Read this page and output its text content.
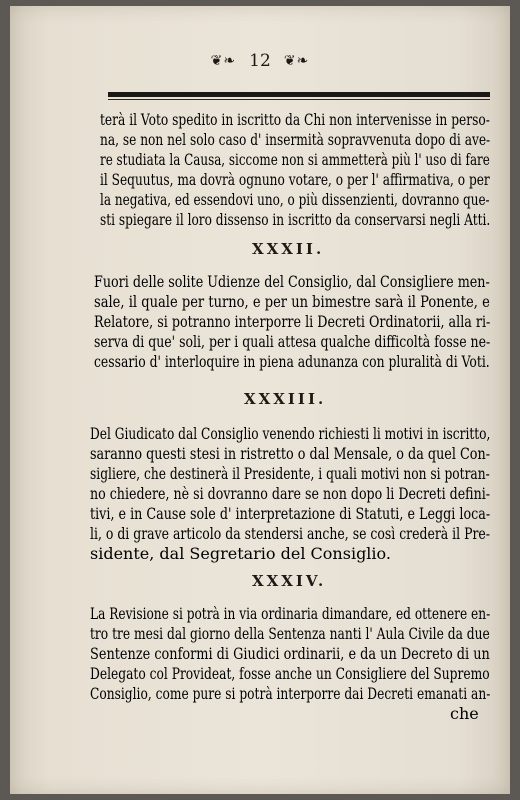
❦❧ 12 ❦❧
terà il Voto spedito in iscritto da Chi non intervenisse in perso-
na, se non nel solo caso d' insermità sopravvenuta dopo di ave-
re studiata la Causa, siccome non si ammetterà più l' uso di fare
il Sequutus, ma dovrà ognuno votare, o per l' affirmativa, o per
la negativa, ed essendovi uno, o più dissenzienti, dovranno que-
sti spiegare il loro dissenso in iscritto da conservarsi negli Atti.
XXXII.
Fuori delle solite Udienze del Consiglio, dal Consigliere men-
sale, il quale per turno, e per un bimestre sarà il Ponente, e
Relatore, si potranno interporre li Decreti Ordinatorii, alla ri-
serva di que' soli, per i quali attesa qualche difficoltà fosse ne-
cessario d' interloquire in piena adunanza con pluralità di Voti.
XXXIII.
Del Giudicato dal Consiglio venendo richiesti li motivi in iscritto,
saranno questi stesi in ristretto o dal Mensale, o da quel Con-
sigliere, che destinerà il Presidente, i quali motivi non si potran-
no chiedere, nè si dovranno dare se non dopo li Decreti defini-
tivi, e in Cause sole d' interpretazione di Statuti, e Leggi loca-
li, o di grave articolo da stendersi anche, se così crederà il Pre-
sidente, dal Segretario del Consiglio.
XXXIV.
La Revisione si potrà in via ordinaria dimandare, ed ottenere en-
tro tre mesi dal giorno della Sentenza nanti l' Aula Civile da due
Sentenze conformi di Giudici ordinarii, e da un Decreto di un
Delegato col Provideat, fosse anche un Consigliere del Supremo
Consiglio, come pure si potrà interporre dai Decreti emanati an-
che
